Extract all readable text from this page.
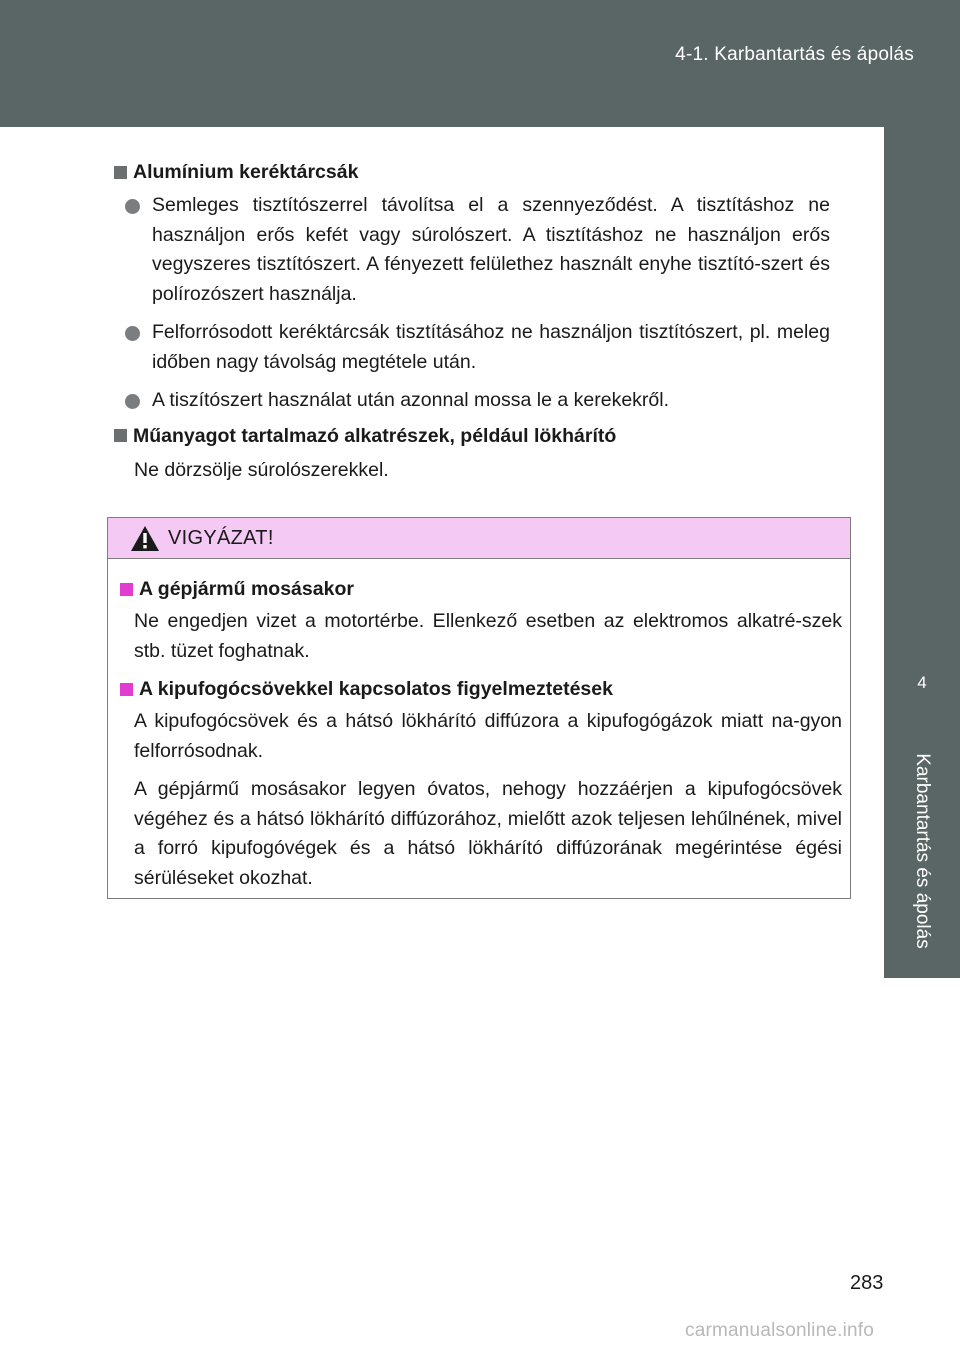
4-1. Karbantartás és ápolás
4
Karbantartás és ápolás

Alumínium keréktárcsák

Semleges tisztítószerrel távolítsa el a szennyeződést. A tisztításhoz ne használjon erős kefét vagy súrolószert. A tisztításhoz ne használjon erős vegyszeres tisztítószert. A fényezett felülethez használt enyhe tisztító-szert és polírozószert használja.

Felforrósodott keréktárcsák tisztításához ne használjon tisztítószert, pl. meleg időben nagy távolság megtétele után.

A tiszítószert használat után azonnal mossa le a kerekekről.

Műanyagot tartalmazó alkatrészek, például lökhárító

Ne dörzsölje súrolószerekkel.

VIGYÁZAT!

A gépjármű mosásakor

Ne engedjen vizet a motortérbe. Ellenkező esetben az elektromos alkatré-szek stb. tüzet foghatnak.

A kipufogócsövekkel kapcsolatos figyelmeztetések

A kipufogócsövek és a hátsó lökhárító diffúzora a kipufogógázok miatt na-gyon felforrósodnak.

A gépjármű mosásakor legyen óvatos, nehogy hozzáérjen a kipufogócsövek végéhez és a hátsó lökhárító diffúzorához, mielőtt azok teljesen lehűlnének, mivel a forró kipufogóvégek és a hátsó lökhárító diffúzorának megérintése égési sérüléseket okozhat.

283
carmanualsonline.info
